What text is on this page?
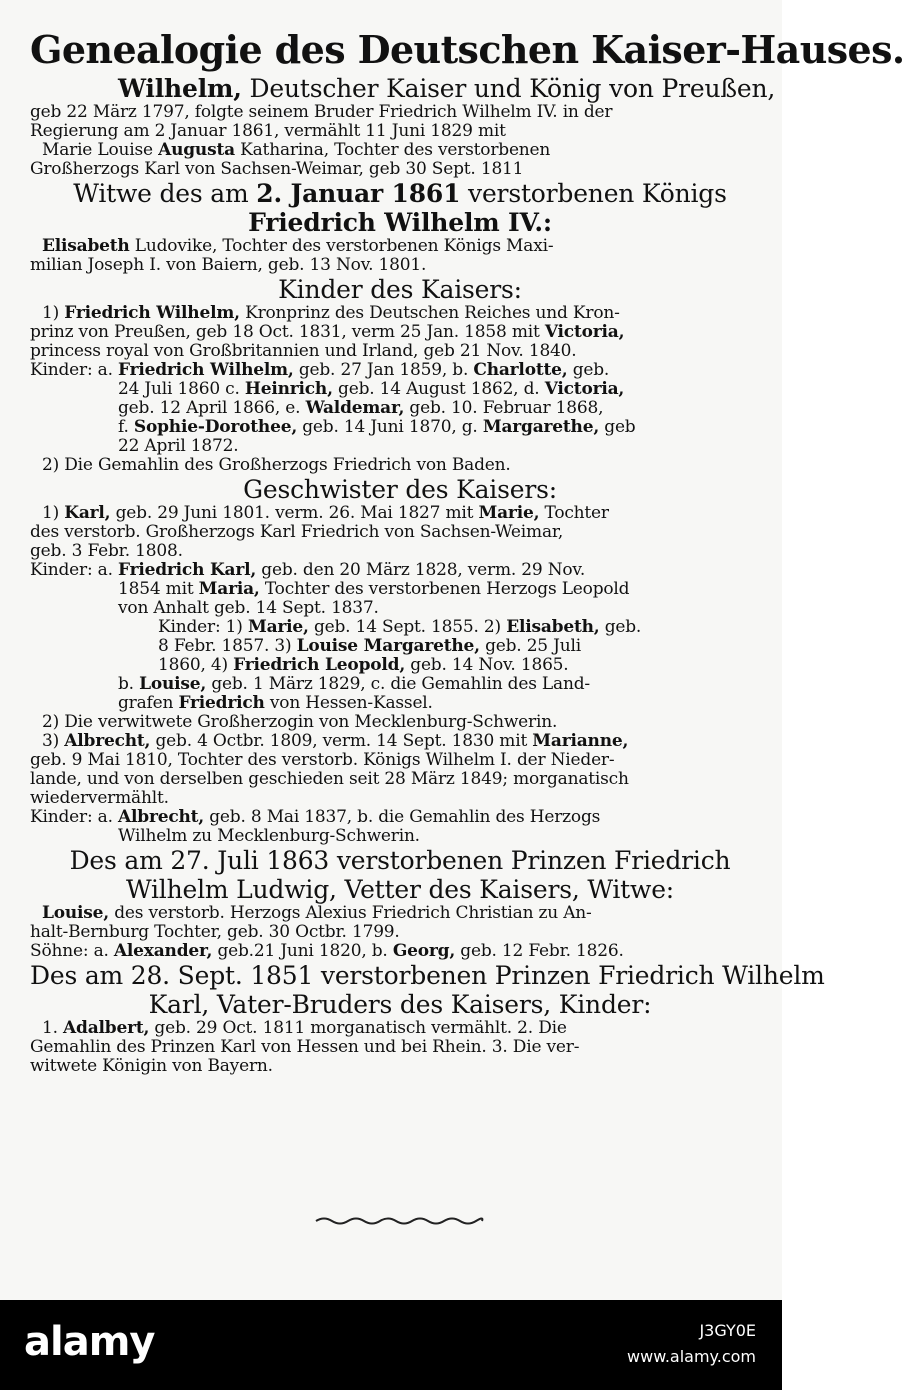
Genealogie des Deutschen Kaiser-Hauses.
Wilhelm, Deutscher Kaiser und König von Preußen,
geb 22 März 1797, folgte seinem Bruder Friedrich Wilhelm IV. in der
Regierung am 2 Januar 1861, vermählt 11 Juni 1829 mit
Marie Louise Augusta Katharina, Tochter des verstorbenen
Großherzogs Karl von Sachsen-Weimar, geb 30 Sept. 1811
Witwe des am 2. Januar 1861 verstorbenen Königs
Friedrich Wilhelm IV.:
Elisabeth Ludovike, Tochter des verstorbenen Königs Maxi-
milian Joseph I. von Baiern, geb. 13 Nov. 1801.
Kinder des Kaisers:
1) Friedrich Wilhelm, Kronprinz des Deutschen Reiches und Kron-
prinz von Preußen, geb 18 Oct. 1831, verm 25 Jan. 1858 mit Victoria,
princess royal von Großbritannien und Irland, geb 21 Nov. 1840.
Kinder: a. Friedrich Wilhelm, geb. 27 Jan 1859, b. Charlotte, geb.
24 Juli 1860 c. Heinrich, geb. 14 August 1862, d. Victoria,
geb. 12 April 1866, e. Waldemar, geb. 10. Februar 1868,
f. Sophie-Dorothee, geb. 14 Juni 1870, g. Margarethe, geb
22 April 1872.
2) Die Gemahlin des Großherzogs Friedrich von Baden.
Geschwister des Kaisers:
1) Karl, geb. 29 Juni 1801. verm. 26. Mai 1827 mit Marie, Tochter
des verstorb. Großherzogs Karl Friedrich von Sachsen-Weimar,
geb. 3 Febr. 1808.
Kinder: a. Friedrich Karl, geb. den 20 März 1828, verm. 29 Nov.
1854 mit Maria, Tochter des verstorbenen Herzogs Leopold
von Anhalt geb. 14 Sept. 1837.
Kinder: 1) Marie, geb. 14 Sept. 1855. 2) Elisabeth, geb.
8 Febr. 1857. 3) Louise Margarethe, geb. 25 Juli
1860, 4) Friedrich Leopold, geb. 14 Nov. 1865.
b. Louise, geb. 1 März 1829, c. die Gemahlin des Land-
grafen Friedrich von Hessen-Kassel.
2) Die verwitwete Großherzogin von Mecklenburg-Schwerin.
3) Albrecht, geb. 4 Octbr. 1809, verm. 14 Sept. 1830 mit Marianne,
geb. 9 Mai 1810, Tochter des verstorb. Königs Wilhelm I. der Nieder-
lande, und von derselben geschieden seit 28 März 1849; morganatisch
wiedervermählt.
Kinder: a. Albrecht, geb. 8 Mai 1837, b. die Gemahlin des Herzogs
Wilhelm zu Mecklenburg-Schwerin.
Des am 27. Juli 1863 verstorbenen Prinzen Friedrich
Wilhelm Ludwig, Vetter des Kaisers, Witwe:
Louise, des verstorb. Herzogs Alexius Friedrich Christian zu An-
halt-Bernburg Tochter, geb. 30 Octbr. 1799.
Söhne: a. Alexander, geb.21 Juni 1820, b. Georg, geb. 12 Febr. 1826.
Des am 28. Sept. 1851 verstorbenen Prinzen Friedrich Wilhelm
Karl, Vater-Bruders des Kaisers, Kinder:
1. Adalbert, geb. 29 Oct. 1811 morganatisch vermählt. 2. Die
Gemahlin des Prinzen Karl von Hessen und bei Rhein. 3. Die ver-
witwete Königin von Bayern.
alamy	J3GY0E
www.alamy.com
